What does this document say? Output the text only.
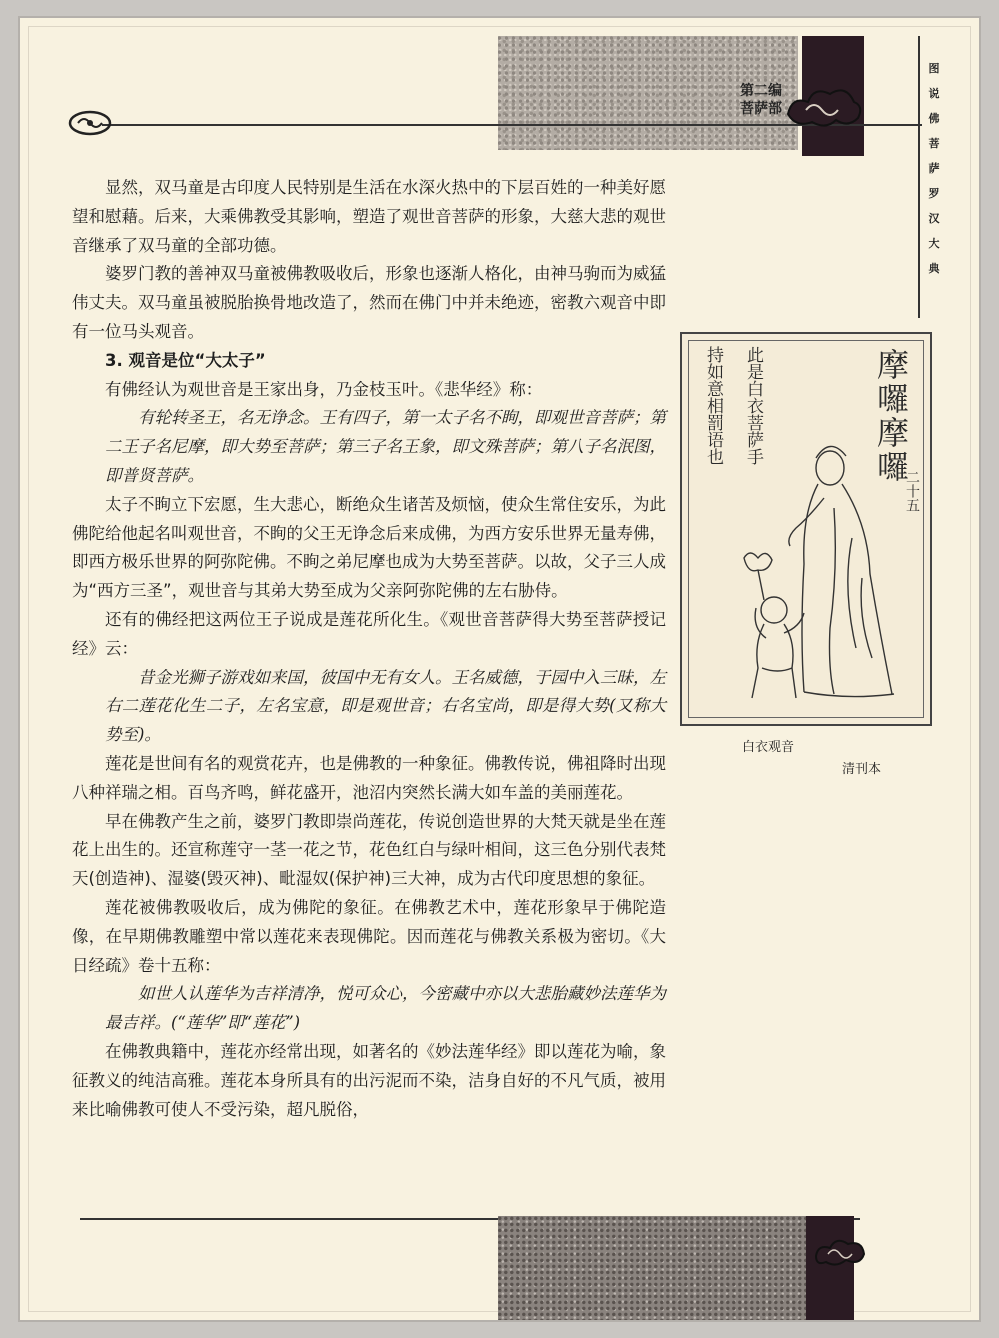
第二编
菩萨部
图说佛菩萨罗汉大典

显然，双马童是古印度人民特别是生活在水深火热中的下层百姓的一种美好愿望和慰藉。后来，大乘佛教受其影响，塑造了观世音菩萨的形象，大慈大悲的观世音继承了双马童的全部功德。

婆罗门教的善神双马童被佛教吸收后，形象也逐渐人格化，由神马驹而为威猛伟丈夫。双马童虽被脱胎换骨地改造了，然而在佛门中并未绝迹，密教六观音中即有一位马头观音。

3. 观音是位“大太子”

有佛经认为观世音是王家出身，乃金枝玉叶。《悲华经》称：

有轮转圣王，名无诤念。王有四子，第一太子名不眴，即观世音菩萨；第二王子名尼摩，即大势至菩萨；第三子名王象，即文殊菩萨；第八子名泯图，即普贤菩萨。

太子不眴立下宏愿，生大悲心，断绝众生诸苦及烦恼，使众生常住安乐，为此佛陀给他起名叫观世音，不眴的父王无诤念后来成佛，为西方安乐世界无量寿佛，即西方极乐世界的阿弥陀佛。不眴之弟尼摩也成为大势至菩萨。以故，父子三人成为“西方三圣”，观世音与其弟大势至成为父亲阿弥陀佛的左右胁侍。

还有的佛经把这两位王子说成是莲花所化生。《观世音菩萨得大势至菩萨授记经》云：

昔金光狮子游戏如来国，彼国中无有女人。王名威德，于园中入三昧，左右二莲花化生二子，左名宝意，即是观世音；右名宝尚，即是得大势(又称大势至)。

莲花是世间有名的观赏花卉，也是佛教的一种象征。佛教传说，佛祖降时出现八种祥瑞之相。百鸟齐鸣，鲜花盛开，池沼内突然长满大如车盖的美丽莲花。

早在佛教产生之前，婆罗门教即崇尚莲花，传说创造世界的大梵天就是坐在莲花上出生的。还宣称莲守一茎一花之节，花色红白与绿叶相间，这三色分别代表梵天(创造神)、湿婆(毁灭神)、毗湿奴(保护神)三大神，成为古代印度思想的象征。

莲花被佛教吸收后，成为佛陀的象征。在佛教艺术中，莲花形象早于佛陀造像，在早期佛教雕塑中常以莲花来表现佛陀。因而莲花与佛教关系极为密切。《大日经疏》卷十五称：

如世人认莲华为吉祥清净，悦可众心，今密藏中亦以大悲胎藏妙法莲华为最吉祥。(“莲华”即“莲花”)

在佛教典籍中，莲花亦经常出现，如著名的《妙法莲华经》即以莲花为喻，象征教义的纯洁高雅。莲花本身所具有的出污泥而不染，洁身自好的不凡气质，被用来比喻佛教可使人不受污染，超凡脱俗，

摩囉摩囉
二十五
此是白衣菩萨手
持如意相罰语也
白衣观音
清刊本
